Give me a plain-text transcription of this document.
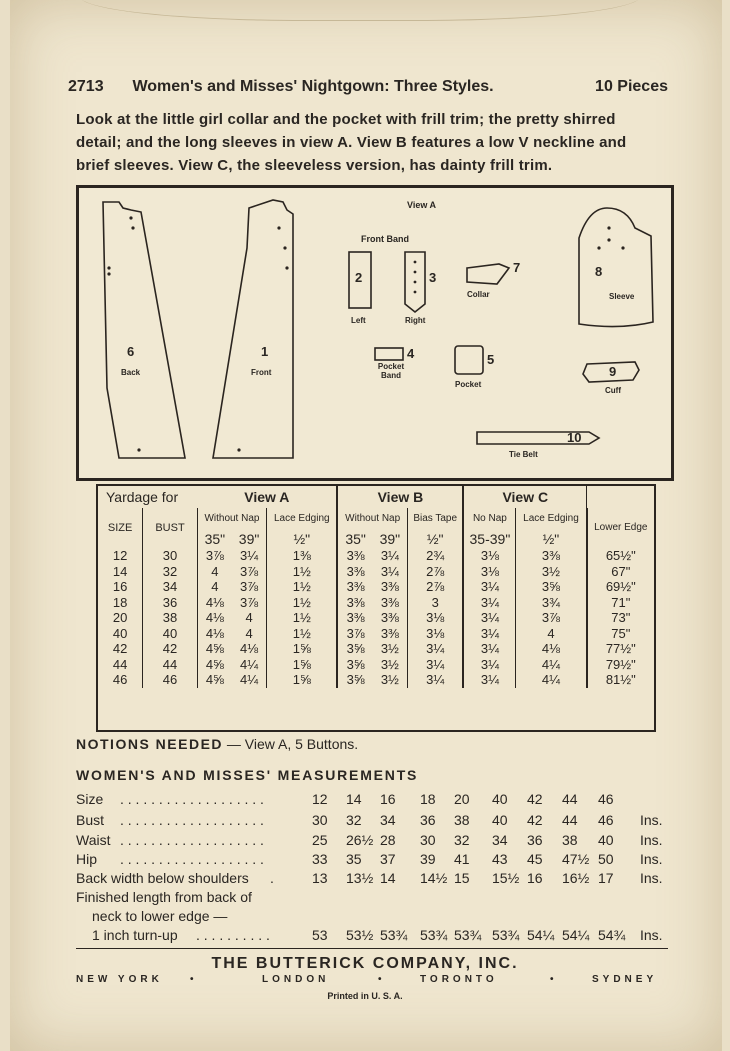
2713 Women's and Misses' Nightgown: Three Styles.	10 Pieces
Look at the little girl collar and the pocket with frill trim; the pretty shirred
detail; and the long sleeves in view A. View B features a low V neckline and
brief sleeves. View C, the sleeveless version, has dainty frill trim.
View A
Front Band
6
Back
1
Front
2
Left
3
Right
7
Collar
8
Sleeve
4
Pocket Band
5
Pocket
9
Cuff
10
Tie Belt
Yardage for		View A			View B			View C		
SIZE	BUST	Without Nap		Lace Edging	Without Nap		Bias Tape	No Nap	Lace Edging	Lower Edge
		35"	39"	½"	35"	39"	½"	35-39"	½"	
12	30	3⅞	3¼	1⅜	3⅜	3¼	2¾	3⅛	3⅜	65½"
14	32	4	3⅞	1½	3⅜	3¼	2⅞	3⅛	3½	67"
16	34	4	3⅞	1½	3⅜	3⅜	2⅞	3¼	3⅝	69½"
18	36	4⅛	3⅞	1½	3⅜	3⅜	3	3¼	3¾	71"
20	38	4⅛	4	1½	3⅜	3⅜	3⅛	3¼	3⅞	73"
40	40	4⅛	4	1½	3⅞	3⅜	3⅛	3¼	4	75"
42	42	4⅝	4⅛	1⅝	3⅝	3½	3¼	3¼	4⅛	77½"
44	44	4⅝	4¼	1⅝	3⅝	3½	3¼	3¼	4¼	79½"
46	46	4⅝	4¼	1⅝	3⅝	3½	3¼	3¼	4¼	81½"
NOTIONS NEEDED — View A, 5 Buttons.
WOMEN'S AND MISSES' MEASUREMENTS
Size . . . . . . . . . . . . . . . . . . .	12 14 16 18 20 40 42 44 46
Bust . . . . . . . . . . . . . . . . . . .	30 32 34 36 38 40 42 44 46 Ins.
Waist . . . . . . . . . . . . . . . . . . .	25 26½ 28 30 32 34 36 38 40 Ins.
Hip . . . . . . . . . . . . . . . . . . .	33 35 37 39 41 43 45 47½ 50 Ins.
Back width below shoulders .	13 13½ 14 14½ 15 15½ 16 16½ 17 Ins.
Finished length from back of
neck to lower edge —
1 inch turn-up . . . . . . . . . .	53 53½ 53¾ 53¾ 53¾ 53¾ 54¼ 54¼ 54¾ Ins.
THE BUTTERICK COMPANY, INC.
NEW YORK	•	LONDON	•	TORONTO	•	SYDNEY
Printed in U. S. A.
